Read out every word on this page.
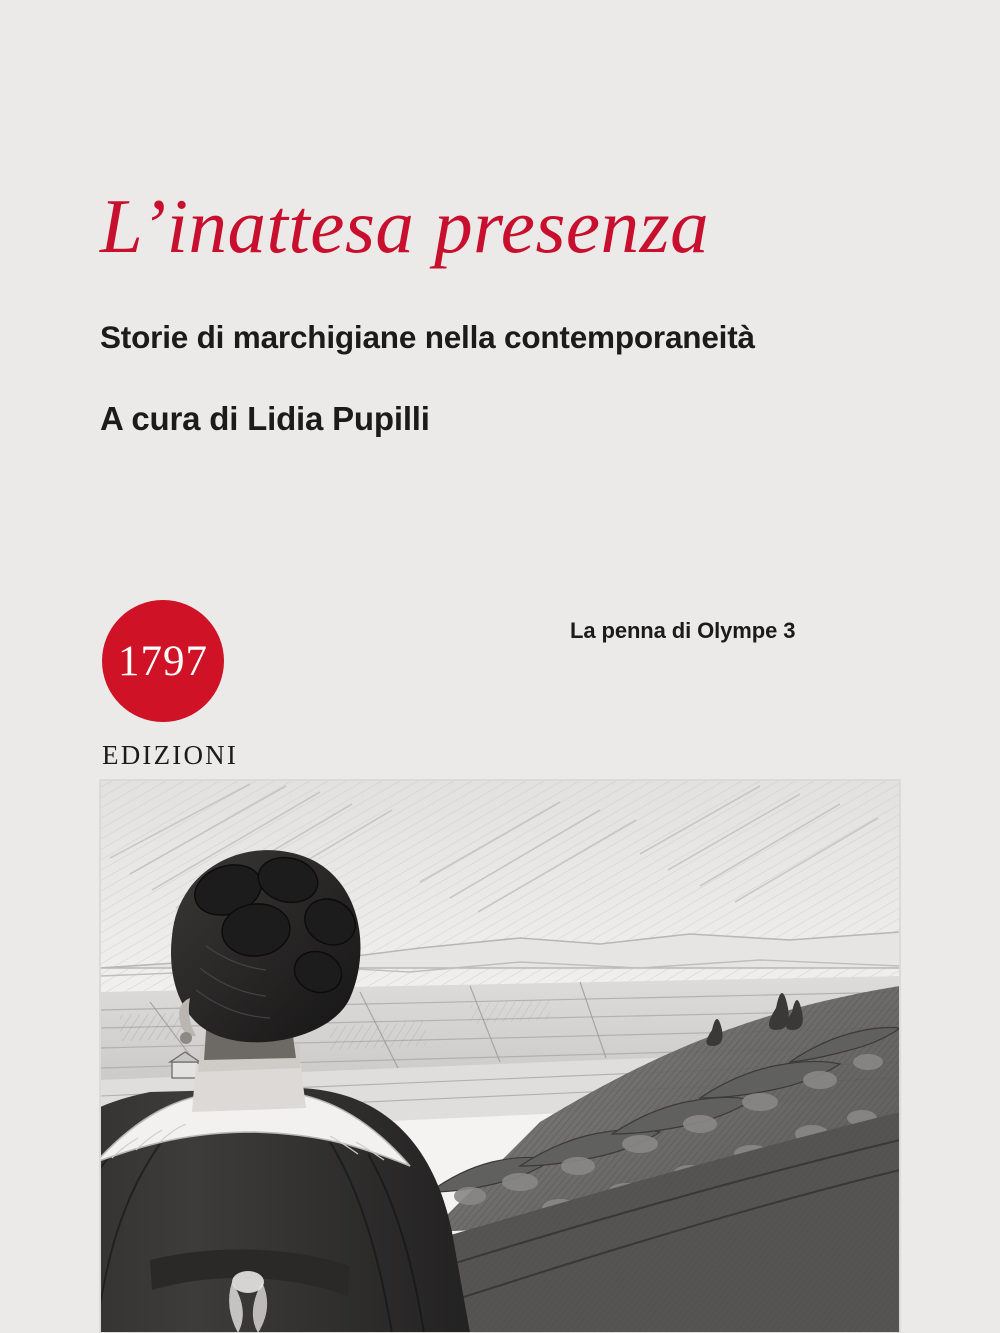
L’inattesa presenza

Storie di marchigiane nella contemporaneità

A cura di Lidia Pupilli

1797
EDIZIONI
La penna di Olympe 3
